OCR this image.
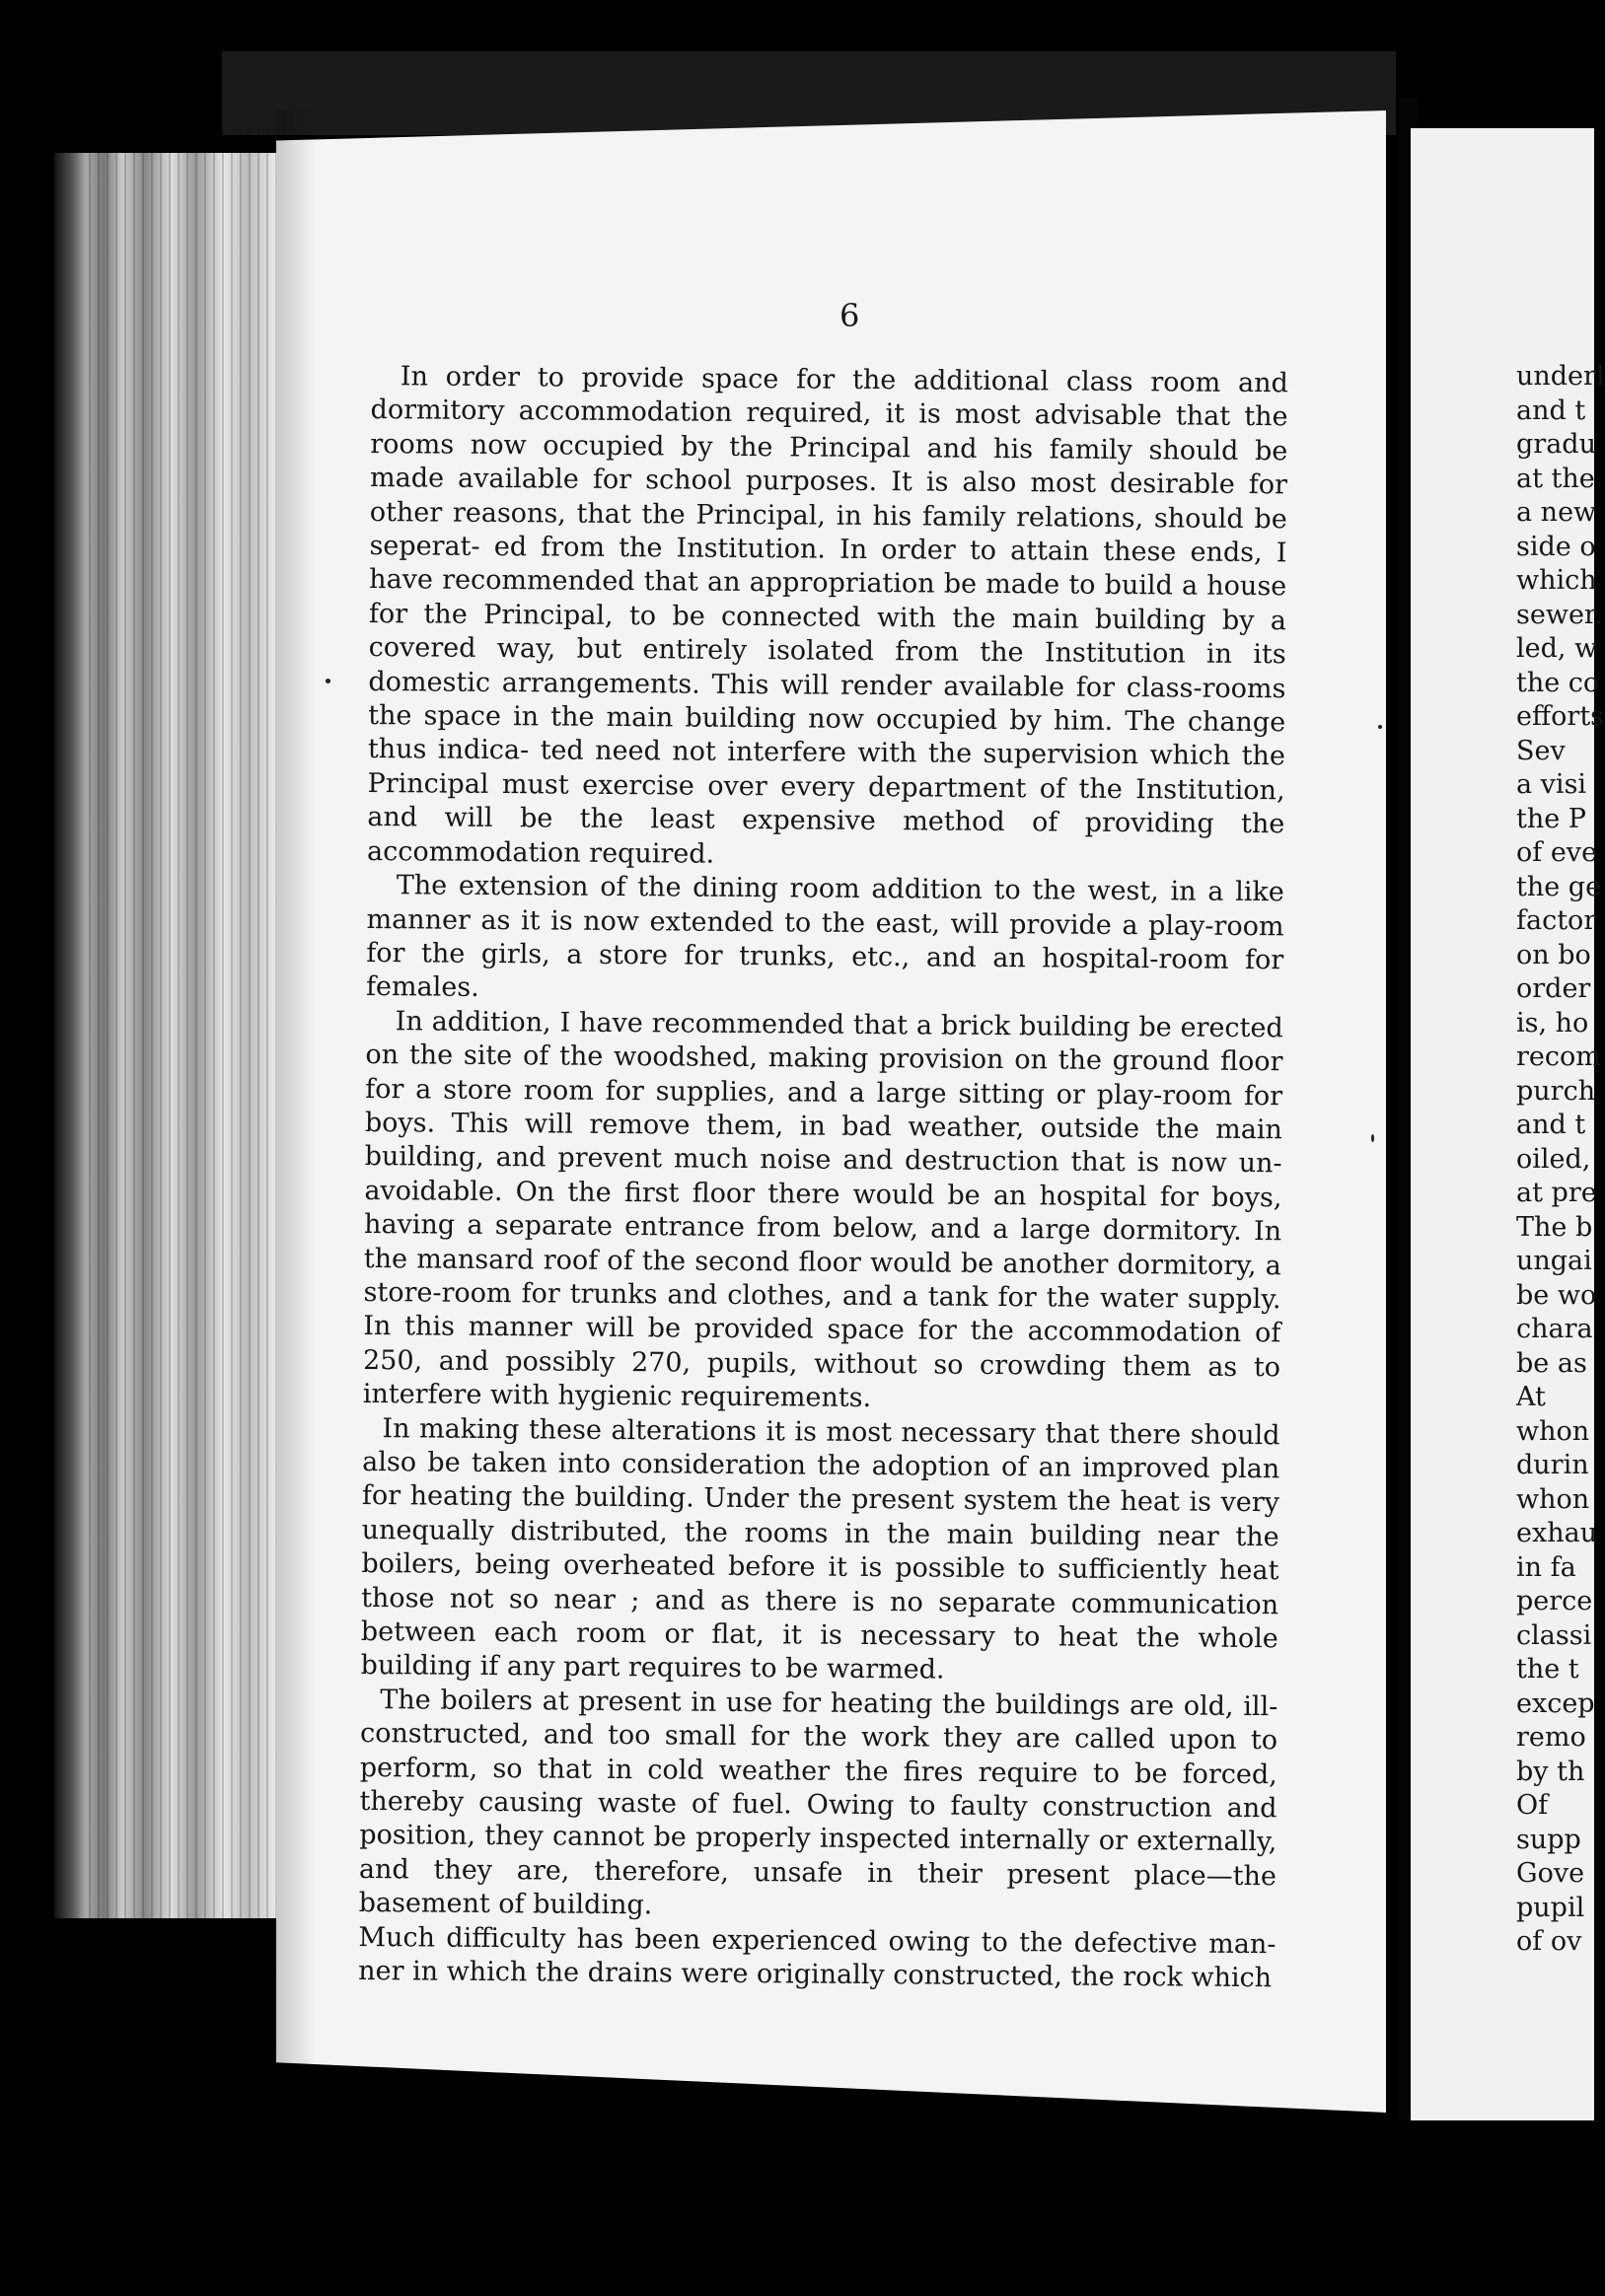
6

In order to provide space for the additional class room and dormitory accommodation required, it is most advisable that the rooms now occupied by the Principal and his family should be made available for school purposes. It is also most desirable for other reasons, that the Principal, in his family relations, should be seperat- ed from the Institution. In order to attain these ends, I have recommended that an appropriation be made to build a house for the Principal, to be connected with the main building by a covered way, but entirely isolated from the Institution in its domestic arrangements. This will render available for class-rooms the space in the main building now occupied by him. The change thus indica- ted need not interfere with the supervision which the Principal must exercise over every department of the Institution, and will be the least expensive method of providing the accommodation required.

The extension of the dining room addition to the west, in a like manner as it is now extended to the east, will provide a play-room for the girls, a store for trunks, etc., and an hospital-room for females.

In addition, I have recommended that a brick building be erected on the site of the woodshed, making provision on the ground floor for a store room for supplies, and a large sitting or play-room for boys. This will remove them, in bad weather, outside the main building, and prevent much noise and destruction that is now un- avoidable. On the first floor there would be an hospital for boys, having a separate entrance from below, and a large dormitory. In the mansard roof of the second floor would be another dormitory, a store-room for trunks and clothes, and a tank for the water supply. In this manner will be provided space for the accommodation of 250, and possibly 270, pupils, without so crowding them as to interfere with hygienic requirements.

In making these alterations it is most necessary that there should also be taken into consideration the adoption of an improved plan for heating the building. Under the present system the heat is very unequally distributed, the rooms in the main building near the boilers, being overheated before it is possible to sufficiently heat those not so near ; and as there is no separate communication between each room or flat, it is necessary to heat the whole building if any part requires to be warmed.

The boilers at present in use for heating the buildings are old, ill-constructed, and too small for the work they are called upon to perform, so that in cold weather the fires require to be forced, thereby causing waste of fuel. Owing to faulty construction and position, they cannot be properly inspected internally or externally, and they are, therefore, unsafe in their present place—the basement of building.

Much difficulty has been experienced owing to the defective man- ner in which the drains were originally constructed, the rock which

underl
and t
gradu
at the
a new
side o
which
sewer.
led, w
the co
efforts
Sev
a visi
the P
of eve
the ge
factor
on bo
order
is, ho
recom
purch
and t
oiled,
at pre
The b
ungai
be wo
chara
be as
At
whon
durin
whon
exhau
in fa
perce
classi
the t
excep
remo
by th
Of
supp
Gove
pupil
of ov
